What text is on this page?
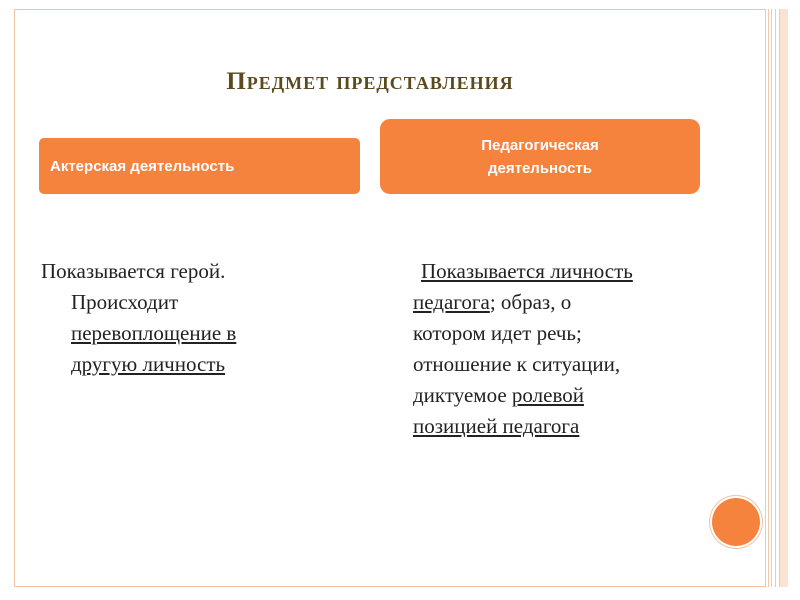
Предмет представления
Актерская деятельность
Педагогическая деятельность
Показывается герой.

Происходит
перевоплощение в
другую личность
Показывается личность
педагога; образ, о
котором идет речь;
отношение к ситуации,
диктуемое ролевой
позицией педагога
